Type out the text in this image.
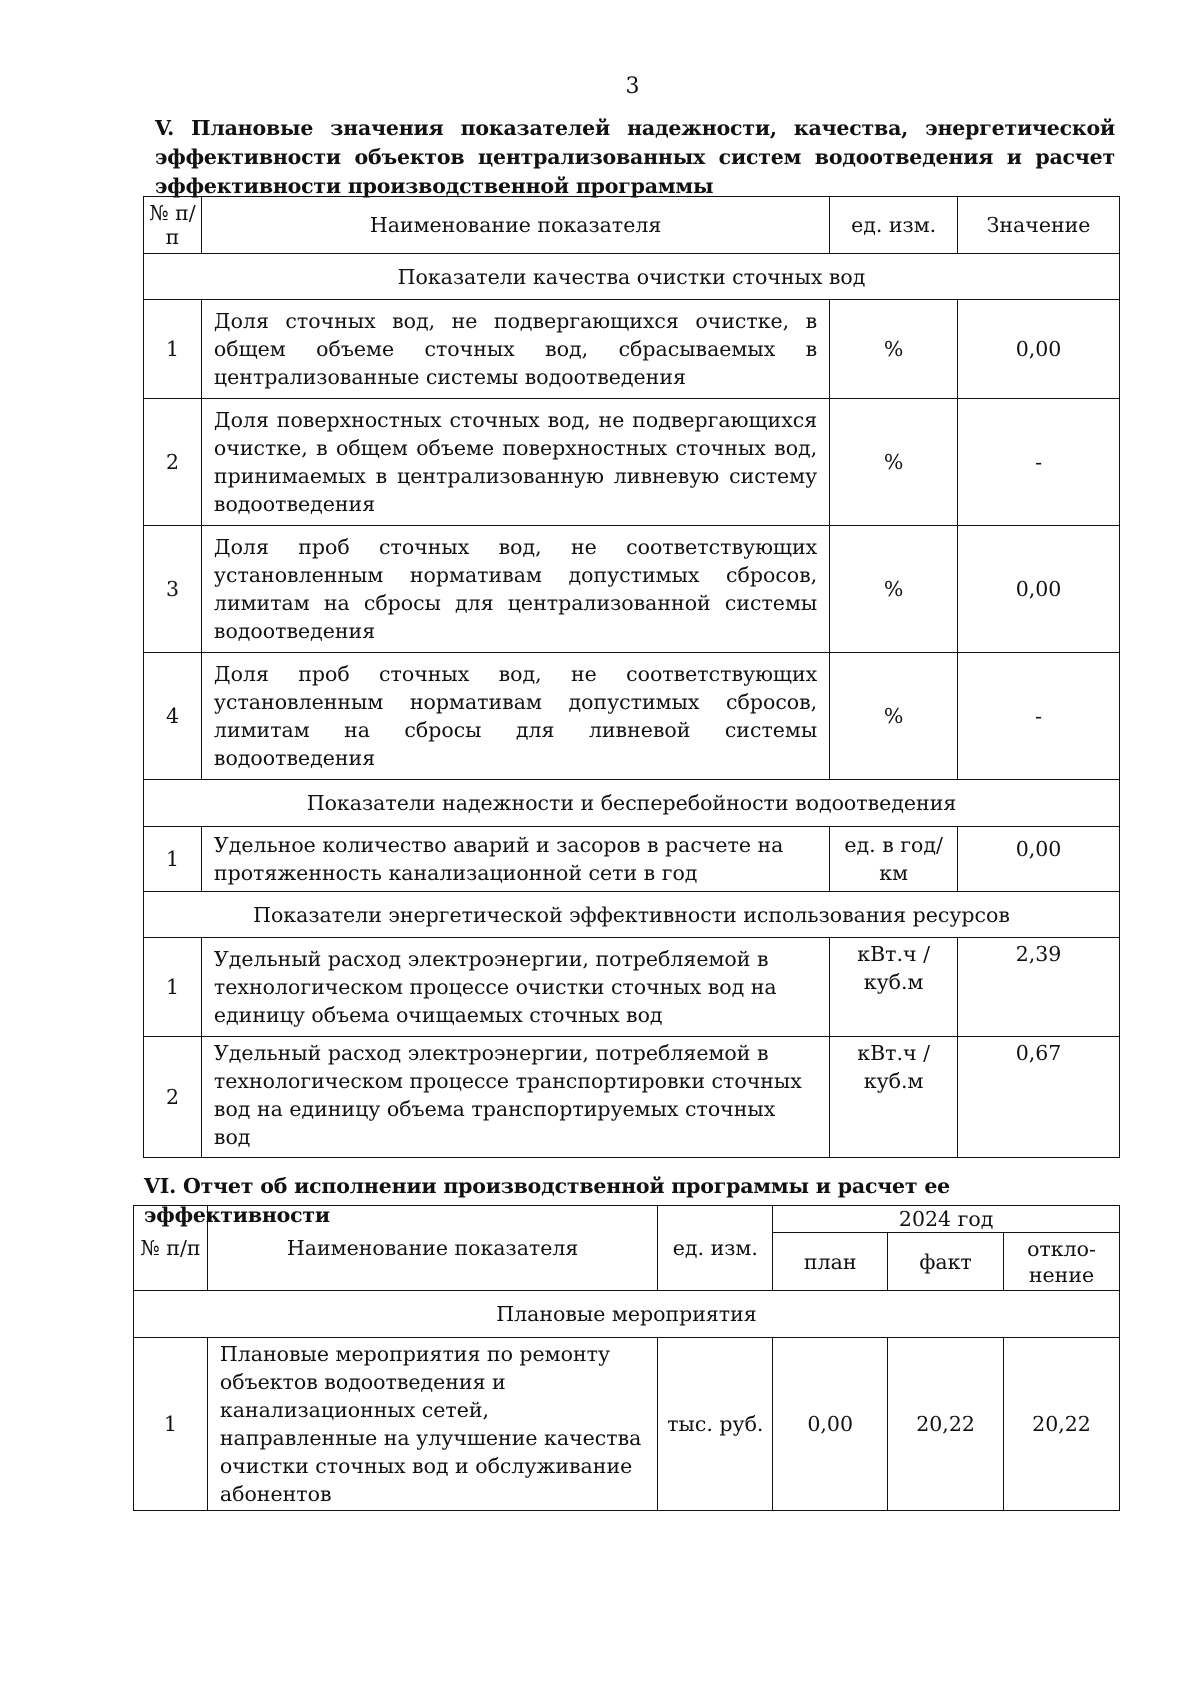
3
V. Плановые значения показателей надежности, качества, энергетической эффективности объектов централизованных систем водоотведения и расчет эффективности производственной программы
№ п/п	Наименование показателя	ед. изм.	Значение
Показатели качества очистки сточных вод			
1	Доля сточных вод, не подвергающихся очистке, в общем объеме сточных вод, сбрасываемых в централизованные системы водоотведения	%	0,00
2	Доля поверхностных сточных вод, не подвергающихся очистке, в общем объеме поверхностных сточных вод, принимаемых в централизованную ливневую систему водоотведения	%	-
3	Доля проб сточных вод, не соответствующих установленным нормативам допустимых сбросов, лимитам на сбросы для централизованной системы водоотведения	%	0,00
4	Доля проб сточных вод, не соответствующих установленным нормативам допустимых сбросов, лимитам на сбросы для ливневой системы водоотведения	%	-
Показатели надежности и бесперебойности водоотведения			
1	Удельное количество аварий и засоров в расчете на протяженность канализационной сети в год	ед. в год/ км	0,00
Показатели энергетической эффективности использования ресурсов			
1	Удельный расход электроэнергии, потребляемой в технологическом процессе очистки сточных вод на единицу объема очищаемых сточных вод	кВт.ч / куб.м	2,39
2	Удельный расход электроэнергии, потребляемой в технологическом процессе транспортировки сточных вод на единицу объема транспортируемых сточных вод	кВт.ч / куб.м	0,67
VI. Отчет об исполнении производственной программы и расчет ее эффективности
№ п/п	Наименование показателя	ед. изм.	2024 год		
			план	факт	откло- нение
Плановые мероприятия					
1	Плановые мероприятия по ремонту объектов водоотведения и канализационных сетей, направленные на улучшение качества очистки сточных вод и обслуживание абонентов	тыс. руб.	0,00	20,22	20,22
